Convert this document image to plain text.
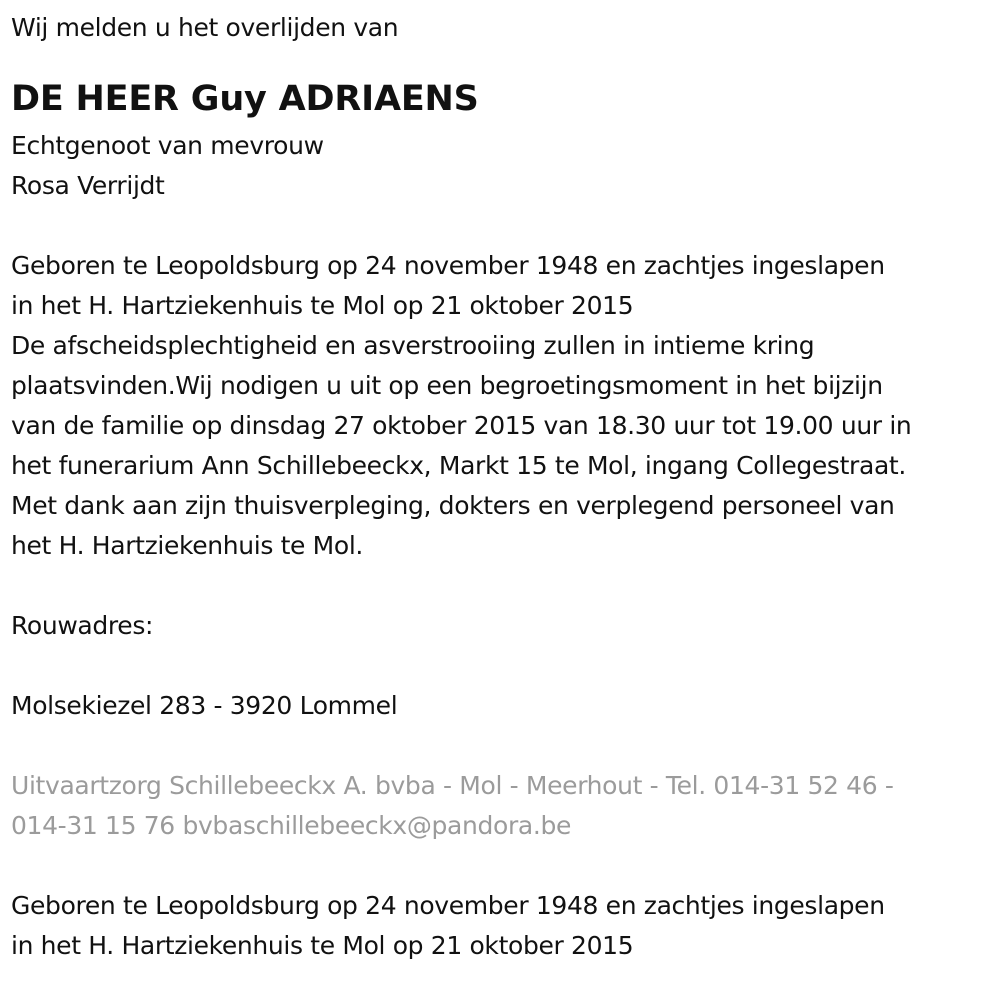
Wij melden u het overlijden van
DE HEER Guy ADRIAENS
Echtgenoot van mevrouw
Rosa Verrijdt
Geboren te Leopoldsburg op 24 november 1948 en zachtjes ingeslapen
in het H. Hartziekenhuis te Mol op 21 oktober 2015
De afscheidsplechtigheid en asverstrooiing zullen in intieme kring
plaatsvinden.Wij nodigen u uit op een begroetingsmoment in het bijzijn
van de familie op dinsdag 27 oktober 2015 van 18.30 uur tot 19.00 uur in
het funerarium Ann Schillebeeckx, Markt 15 te Mol, ingang Collegestraat.
Met dank aan zijn thuisverpleging, dokters en verplegend personeel van
het H. Hartziekenhuis te Mol.
Rouwadres:
Molsekiezel 283 - 3920 Lommel
Uitvaartzorg Schillebeeckx A. bvba - Mol - Meerhout - Tel. 014-31 52 46 -
014-31 15 76 bvbaschillebeeckx@pandora.be
Geboren te Leopoldsburg op 24 november 1948 en zachtjes ingeslapen
in het H. Hartziekenhuis te Mol op 21 oktober 2015
